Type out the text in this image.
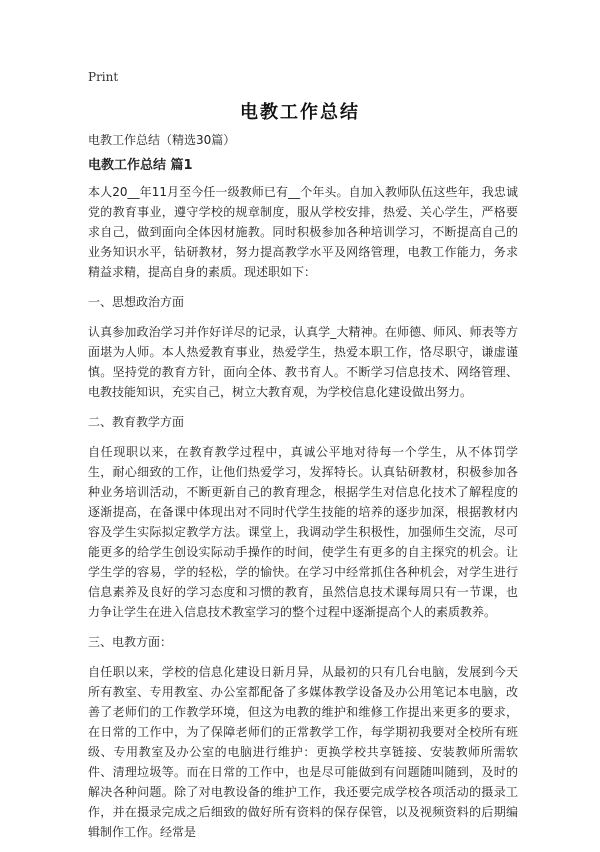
Print
电教工作总结
电教工作总结（精选30篇）
电教工作总结 篇1
本人20__年11月至今任一级教师已有__个年头。自加入教师队伍这些年，我忠诚党的教育事业，遵守学校的规章制度，服从学校安排，热爱、关心学生，严格要求自己，做到面向全体因材施教。同时积极参加各种培训学习，不断提高自己的业务知识水平，钻研教材，努力提高教学水平及网络管理，电教工作能力，务求精益求精，提高自身的素质。现述职如下：
一、思想政治方面
认真参加政治学习并作好详尽的记录，认真学_大精神。在师德、师风、师表等方面堪为人师。本人热爱教育事业，热爱学生，热爱本职工作，恪尽职守，谦虚谨慎。坚持党的教育方针，面向全体、教书育人。不断学习信息技术、网络管理、电教技能知识，充实自己，树立大教育观，为学校信息化建设做出努力。
二、教育教学方面
自任现职以来，在教育教学过程中，真诚公平地对待每一个学生，从不体罚学生，耐心细致的工作，让他们热爱学习，发挥特长。认真钻研教材，积极参加各种业务培训活动，不断更新自己的教育理念，根据学生对信息化技术了解程度的逐渐提高，在备课中体现出对不同时代学生技能的培养的逐步加深，根据教材内容及学生实际拟定教学方法。课堂上，我调动学生积极性，加强师生交流，尽可能更多的给学生创设实际动手操作的时间，使学生有更多的自主探究的机会。让学生学的容易，学的轻松，学的愉快。在学习中经常抓住各种机会，对学生进行信息素养及良好的学习态度和习惯的教育，虽然信息技术课每周只有一节课，也力争让学生在进入信息技术教室学习的整个过程中逐渐提高个人的素质教养。
三、电教方面：
自任职以来，学校的信息化建设日新月异，从最初的只有几台电脑，发展到今天所有教室、专用教室、办公室都配备了多媒体教学设备及办公用笔记本电脑，改善了老师们的工作教学环境，但这为电教的维护和维修工作提出来更多的要求，在日常的工作中，为了保障老师们的正常教学工作，每学期初我要对全校所有班级、专用教室及办公室的电脑进行维护：更换学校共享链接、安装教师所需软件、清理垃圾等。而在日常的工作中，也是尽可能做到有问题随叫随到，及时的解决各种问题。除了对电教设备的维护工作，我还要完成学校各项活动的摄录工作，并在摄录完成之后细致的做好所有资料的保存保管，以及视频资料的后期编辑制作工作。经常是
